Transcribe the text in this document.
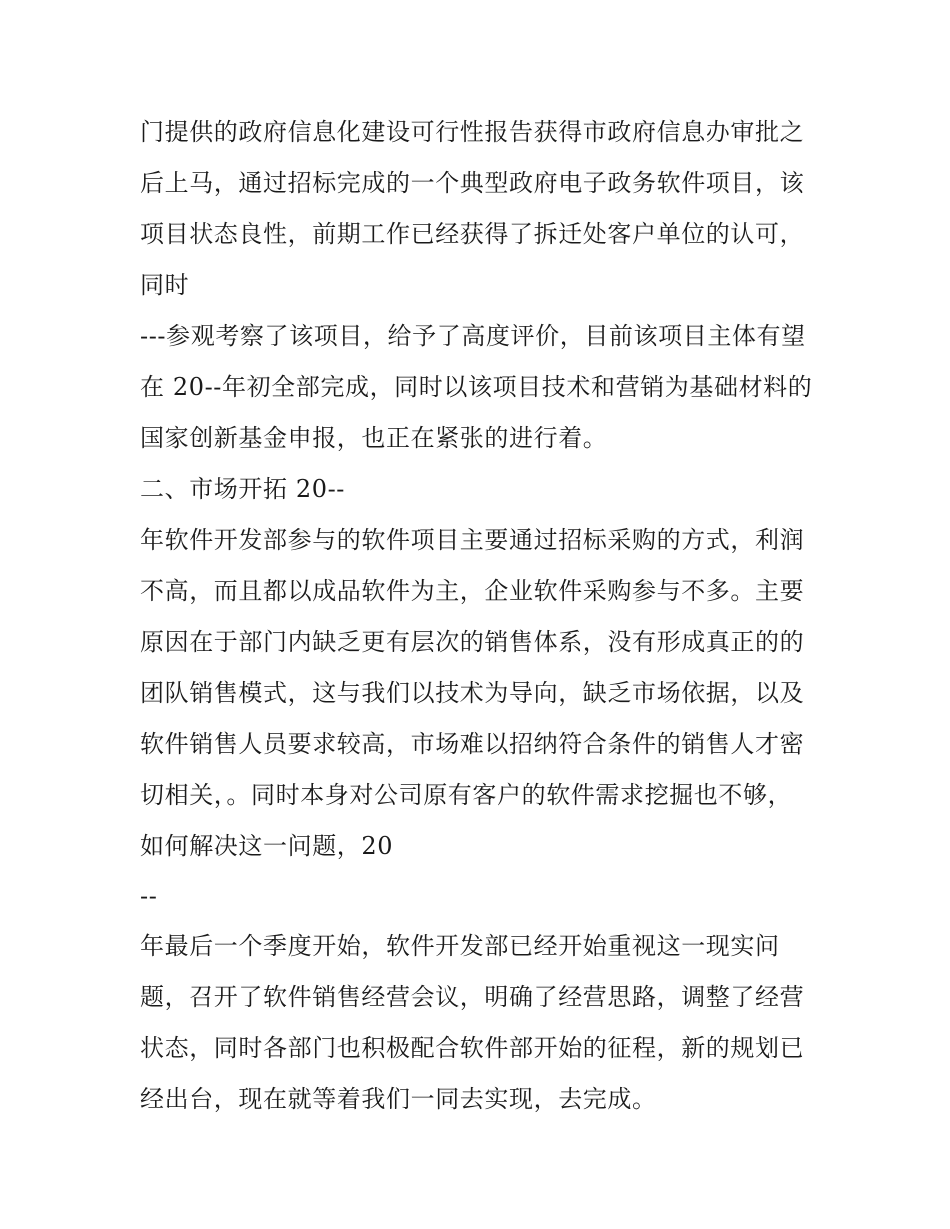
门提供的政府信息化建设可行性报告获得市政府信息办审批之
后上马，通过招标完成的一个典型政府电子政务软件项目，该
项目状态良性，前期工作已经获得了拆迁处客户单位的认可，
同时
---参观考察了该项目，给予了高度评价，目前该项目主体有望
在 20--年初全部完成，同时以该项目技术和营销为基础材料的
国家创新基金申报，也正在紧张的进行着。
二、市场开拓 20--
年软件开发部参与的软件项目主要通过招标采购的方式，利润
不高，而且都以成品软件为主，企业软件采购参与不多。主要
原因在于部门内缺乏更有层次的销售体系，没有形成真正的的
团队销售模式，这与我们以技术为导向，缺乏市场依据，以及
软件销售人员要求较高，市场难以招纳符合条件的销售人才密
切相关，。同时本身对公司原有客户的软件需求挖掘也不够，
如何解决这一问题，20
--
年最后一个季度开始，软件开发部已经开始重视这一现实问
题，召开了软件销售经营会议，明确了经营思路，调整了经营
状态，同时各部门也积极配合软件部开始的征程，新的规划已
经出台，现在就等着我们一同去实现，去完成。
